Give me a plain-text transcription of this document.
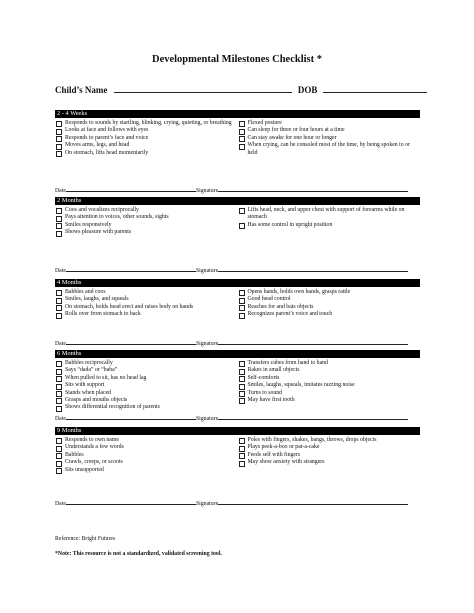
Developmental Milestones Checklist *
Child’s Name	DOB
2 - 4 Weeks
Responds to sounds by startling, blinking, crying, quieting, or breathing
Looks at face and follows with eyes
Responds to parent’s face and voice
Moves arms, legs, and head
On stomach, lifts head momentarily
Flexed posture
Can sleep for three or four hours at a time
Can stay awake for one hour or longer
When crying, can be consoled most of the time, by being spoken to or held
Date	Signature
2 Months
Coos and vocalizes reciprocally
Pays attention to voices, other sounds, sights
Smiles responsively
Shows pleasure with parents
Lifts head, neck, and upper chest with support of forearms while on stomach
Has some control in upright position
Date	Signature
4 Months
Babbles and coos
Smiles, laughs, and squeals
On stomach, holds head erect and raises body on hands
Rolls over from stomach to back
Opens hands, holds own hands, grasps rattle
Good head control
Reaches for and bats objects
Recognizes parent’s voice and touch
Date	Signature
6 Months
Babbles reciprocally
Says “dada” or “baba”
When pulled to sit, has no head lag
Sits with support
Stands when placed
Grasps and mouths objects
Shows differential recognition of parents
Transfers cubes from hand to hand
Rakes in small objects
Self-comforts
Smiles, laughs, squeals, imitates razzing noise
Turns to sound
May have first tooth
Date	Signature
9 Months
Responds to own name
Understands a few words
Babbles
Crawls, creeps, or scoots
Sits unsupported
Poles with fingers, shakes, bangs, throws, drops objects
Plays peek-a-boo or pat-a-cake
Feeds self with fingers
May show anxiety with strangers
Date	Signature
Reference: Bright Futures
*Note: This resource is not a standardized, validated screening tool.
